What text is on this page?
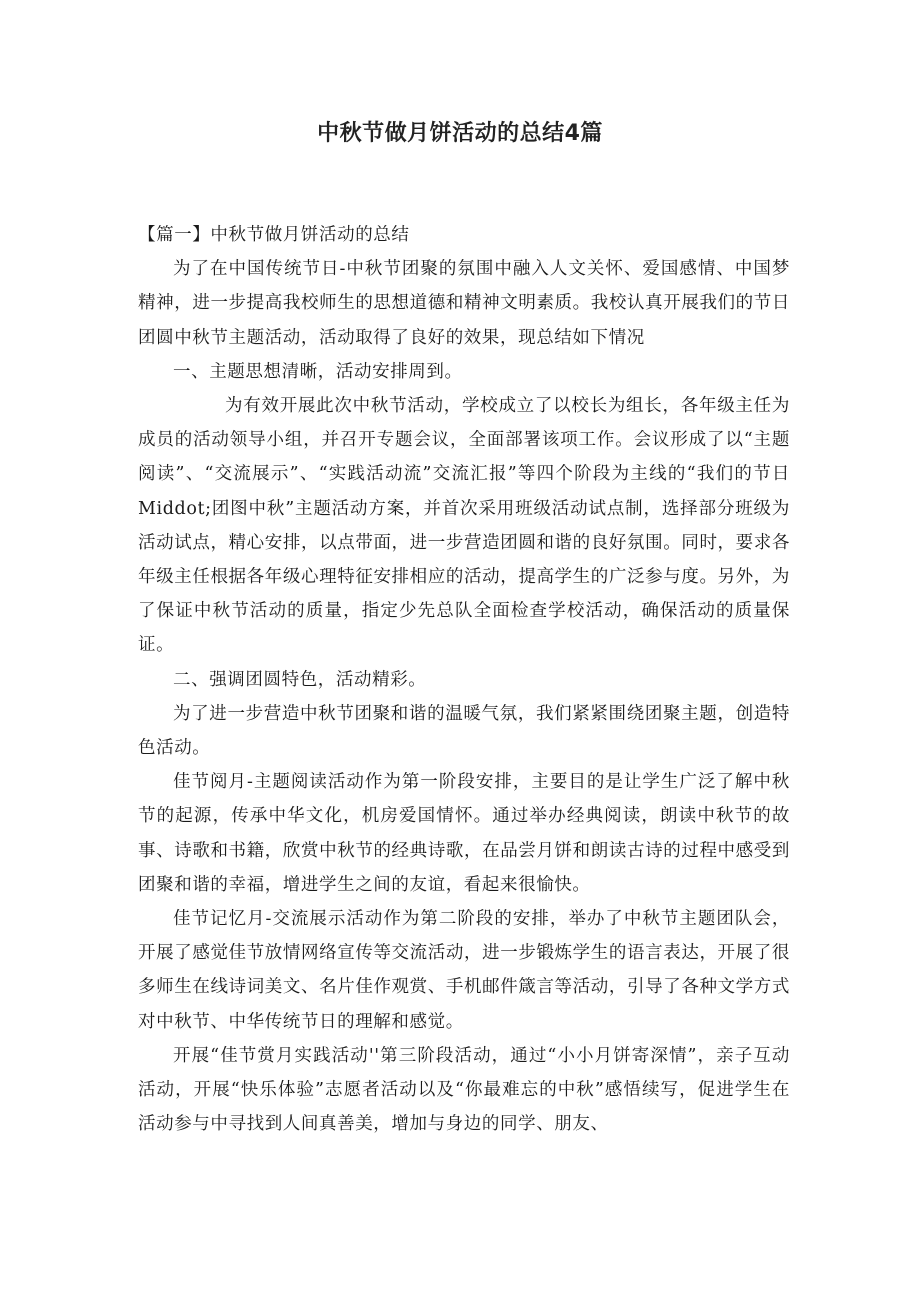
中秋节做月饼活动的总结4篇

【篇一】中秋节做月饼活动的总结

为了在中国传统节日-中秋节团聚的氛围中融入人文关怀、爱国感情、中国梦精神，进一步提高我校师生的思想道德和精神文明素质。我校认真开展我们的节日团圆中秋节主题活动，活动取得了良好的效果，现总结如下情况

一、主题思想清晰，活动安排周到。

为有效开展此次中秋节活动，学校成立了以校长为组长，各年级主任为成员的活动领导小组，并召开专题会议，全面部署该项工作。会议形成了以“主题阅读”、“交流展示”、“实践活动流”交流汇报”等四个阶段为主线的“我们的节日Middot;团图中秋”主题活动方案，并首次采用班级活动试点制，选择部分班级为活动试点，精心安排，以点带面，进一步营造团圆和谐的良好氛围。同时，要求各年级主任根据各年级心理特征安排相应的活动，提高学生的广泛参与度。另外，为了保证中秋节活动的质量，指定少先总队全面检查学校活动，确保活动的质量保证。

二、强调团圆特色，活动精彩。

为了进一步营造中秋节团聚和谐的温暖气氛，我们紧紧围绕团聚主题，创造特色活动。

佳节阅月-主题阅读活动作为第一阶段安排，主要目的是让学生广泛了解中秋节的起源，传承中华文化，机房爱国情怀。通过举办经典阅读，朗读中秋节的故事、诗歌和书籍，欣赏中秋节的经典诗歌，在品尝月饼和朗读古诗的过程中感受到团聚和谐的幸福，增进学生之间的友谊，看起来很愉快。

佳节记忆月-交流展示活动作为第二阶段的安排，举办了中秋节主题团队会，开展了感觉佳节放情网络宣传等交流活动，进一步锻炼学生的语言表达，开展了很多师生在线诗词美文、名片佳作观赏、手机邮件箴言等活动，引导了各种文学方式对中秋节、中华传统节日的理解和感觉。

开展“佳节赏月实践活动''第三阶段活动，通过“小小月饼寄深情”，亲子互动活动，开展“快乐体验”志愿者活动以及“你最难忘的中秋”感悟续写，促进学生在活动参与中寻找到人间真善美，增加与身边的同学、朋友、
